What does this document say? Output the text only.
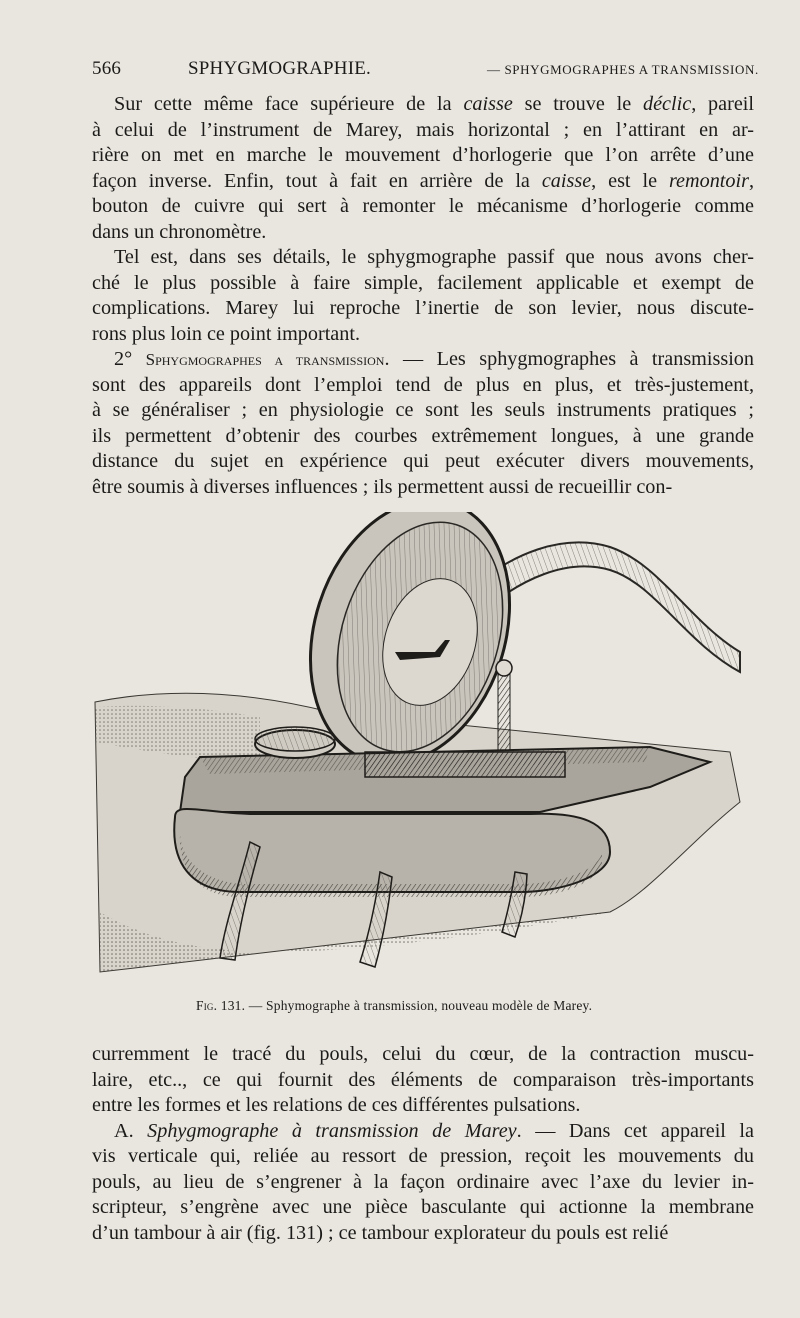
566	SPHYGMOGRAPHIE.	— SPHYGMOGRAPHES A TRANSMISSION.
Sur cette même face supérieure de la caisse se trouve le déclic, pareil
à celui de l’instrument de Marey, mais horizontal ; en l’attirant en ar-
rière on met en marche le mouvement d’horlogerie que l’on arrête d’une
façon inverse. Enfin, tout à fait en arrière de la caisse, est le remontoir,
bouton de cuivre qui sert à remonter le mécanisme d’horlogerie comme
dans un chronomètre.
Tel est, dans ses détails, le sphygmographe passif que nous avons cher-
ché le plus possible à faire simple, facilement applicable et exempt de
complications. Marey lui reproche l’inertie de son levier, nous discute-
rons plus loin ce point important.
2° Sphygmographes a transmission. — Les sphygmographes à transmission
sont des appareils dont l’emploi tend de plus en plus, et très-justement,
à se généraliser ; en physiologie ce sont les seuls instruments pratiques ;
ils permettent d’obtenir des courbes extrêmement longues, à une grande
distance du sujet en expérience qui peut exécuter divers mouvements,
être soumis à diverses influences ; ils permettent aussi de recueillir con-
Fig. 131. — Sphymographe à transmission, nouveau modèle de Marey.
curremment le tracé du pouls, celui du cœur, de la contraction muscu-
laire, etc.., ce qui fournit des éléments de comparaison très-importants
entre les formes et les relations de ces différentes pulsations.
A. Sphygmographe à transmission de Marey. — Dans cet appareil la
vis verticale qui, reliée au ressort de pression, reçoit les mouvements du
pouls, au lieu de s’engrener à la façon ordinaire avec l’axe du levier in-
scripteur, s’engrène avec une pièce basculante qui actionne la membrane
d’un tambour à air (fig. 131) ; ce tambour explorateur du pouls est relié
